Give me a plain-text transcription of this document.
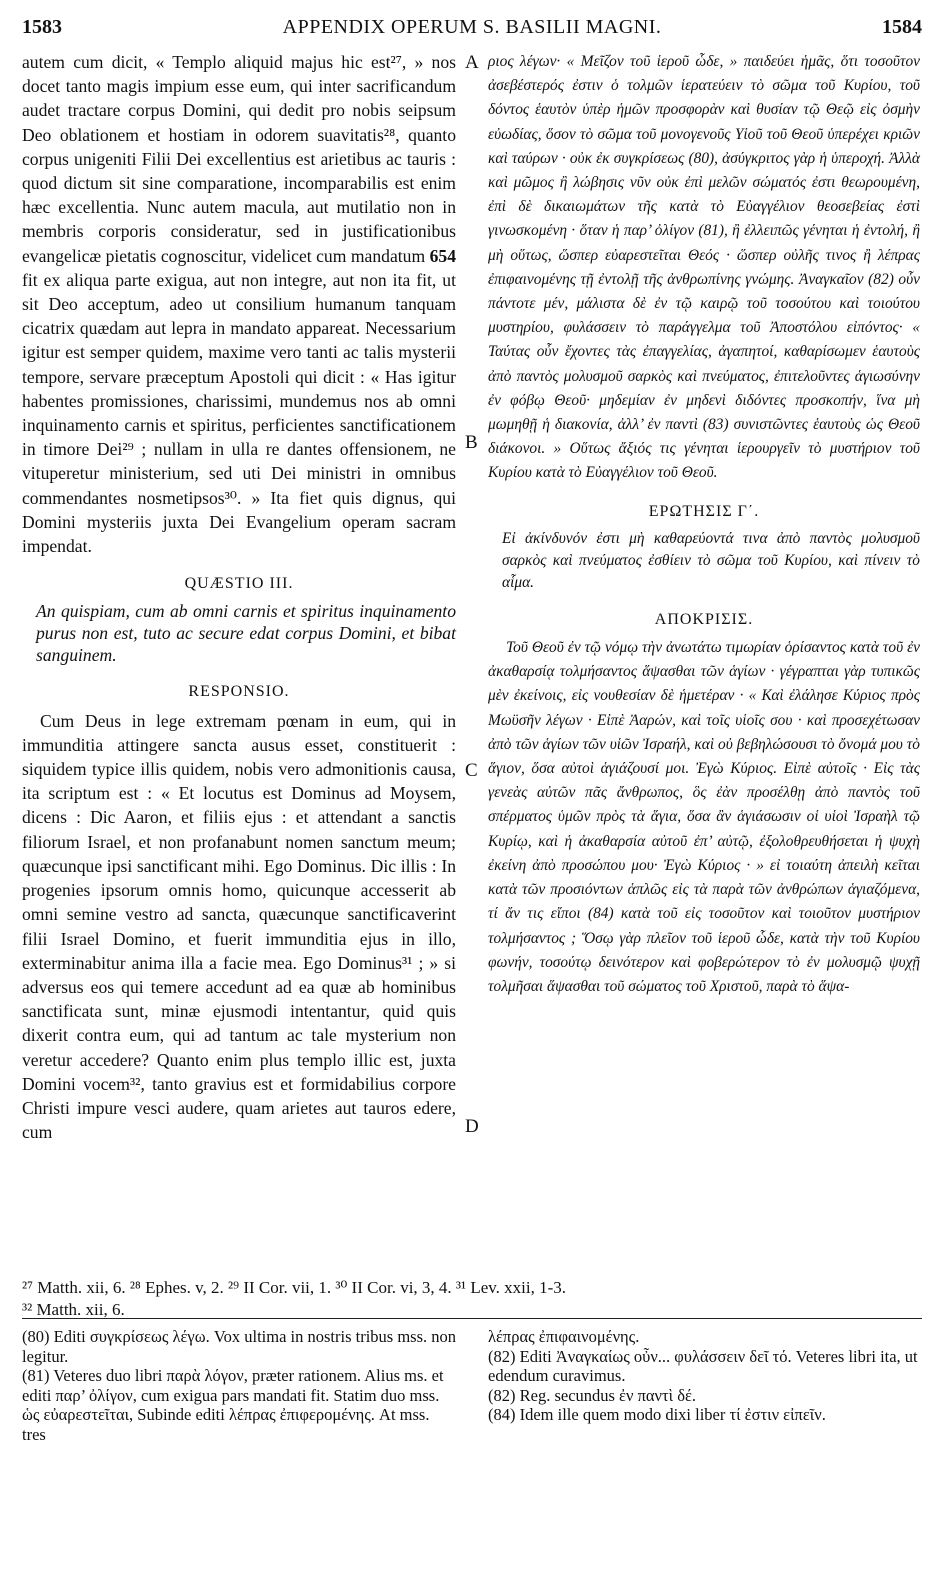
1583	APPENDIX OPERUM S. BASILII MAGNI.	1584
A
B
C
D

autem cum dicit, « Templo aliquid majus hic est²⁷, » nos docet tanto magis impium esse eum, qui inter sacrificandum audet tractare corpus Domini, qui dedit pro nobis seipsum Deo oblationem et hostiam in odorem suavitatis²⁸, quanto corpus unigeniti Filii Dei excellentius est arietibus ac tauris : quod dictum sit sine comparatione, incomparabilis est enim hæc excellentia. Nunc autem macula, aut mutilatio non in membris corporis consideratur, sed in justificationibus evangelicæ pietatis cognoscitur, videlicet cum mandatum 654 fit ex aliqua parte exigua, aut non integre, aut non ita fit, ut sit Deo acceptum, adeo ut consilium humanum tanquam cicatrix quædam aut lepra in mandato appareat. Necessarium igitur est semper quidem, maxime vero tanti ac talis mysterii tempore, servare præceptum Apostoli qui dicit : « Has igitur habentes promissiones, charissimi, mundemus nos ab omni inquinamento carnis et spiritus, perficientes sanctificationem in timore Dei²⁹ ; nullam in ulla re dantes offensionem, ne vituperetur ministerium, sed uti Dei ministri in omnibus commendantes nosmetipsos³⁰. » Ita fiet quis dignus, qui Domini mysteriis juxta Dei Evangelium operam sacram impendat.

QUÆSTIO III.

An quispiam, cum ab omni carnis et spiritus inquinamento purus non est, tuto ac secure edat corpus Domini, et bibat sanguinem.

RESPONSIO.

Cum Deus in lege extremam pœnam in eum, qui in immunditia attingere sancta ausus esset, constituerit : siquidem typice illis quidem, nobis vero admonitionis causa, ita scriptum est : « Et locutus est Dominus ad Moysem, dicens : Dic Aaron, et filiis ejus : et attendant a sanctis filiorum Israel, et non profanabunt nomen sanctum meum; quæcunque ipsi sanctificant mihi. Ego Dominus. Dic illis : In progenies ipsorum omnis homo, quicunque accesserit ab omni semine vestro ad sancta, quæcunque sanctificaverint filii Israel Domino, et fuerit immunditia ejus in illo, exterminabitur anima illa a facie mea. Ego Dominus³¹ ; » si adversus eos qui temere accedunt ad ea quæ ab hominibus sanctificata sunt, minæ ejusmodi intentantur, quid quis dixerit contra eum, qui ad tantum ac tale mysterium non veretur accedere? Quanto enim plus templo illic est, juxta Domini vocem³², tanto gravius est et formidabilius corpore Christi impure vesci audere, quam arietes aut tauros edere, cum

ριος λέγων· « Μεῖζον τοῦ ἱεροῦ ὧδε, » παιδεύει ἡμᾶς, ὅτι τοσοῦτον ἀσεβέστερός ἐστιν ὁ τολμῶν ἱερατεύειν τὸ σῶμα τοῦ Κυρίου, τοῦ δόντος ἑαυτὸν ὑπὲρ ἡμῶν προσφορὰν καὶ θυσίαν τῷ Θεῷ εἰς ὀσμὴν εὐωδίας, ὅσον τὸ σῶμα τοῦ μονογενοῦς Υἱοῦ τοῦ Θεοῦ ὑπερέχει κριῶν καὶ ταύρων · οὐκ ἐκ συγκρίσεως (80), ἀσύγκριτος γὰρ ἡ ὑπεροχή. Ἀλλὰ καὶ μῶμος ἢ λώβησις νῦν οὐκ ἐπὶ μελῶν σώματός ἐστι θεωρουμένη, ἐπὶ δὲ δικαιωμάτων τῆς κατὰ τὸ Εὐαγγέλιον θεοσεβείας ἐστὶ γινωσκομένη · ὅταν ἡ παρ’ ὀλίγον (81), ἢ ἐλλειπῶς γένηται ἡ ἐντολή, ἢ μὴ οὕτως, ὥσπερ εὐαρεστεῖται Θεός · ὥσπερ οὐλῆς τινος ἢ λέπρας ἐπιφαινομένης τῇ ἐντολῇ τῆς ἀνθρωπίνης γνώμης. Ἀναγκαῖον (82) οὖν πάντοτε μέν, μάλιστα δὲ ἐν τῷ καιρῷ τοῦ τοσούτου καὶ τοιούτου μυστηρίου, φυλάσσειν τὸ παράγγελμα τοῦ Ἀποστόλου εἰπόντος· « Ταύτας οὖν ἔχοντες τὰς ἐπαγγελίας, ἀγαπητοί, καθαρίσωμεν ἑαυτοὺς ἀπὸ παντὸς μολυσμοῦ σαρκὸς καὶ πνεύματος, ἐπιτελοῦντες ἁγιωσύνην ἐν φόβῳ Θεοῦ· μηδεμίαν ἐν μηδενὶ διδόντες προσκοπήν, ἵνα μὴ μωμηθῇ ἡ διακονία, ἀλλ’ ἐν παντὶ (83) συνιστῶντες ἑαυτοὺς ὡς Θεοῦ διάκονοι. » Οὕτως ἄξιός τις γένηται ἱερουργεῖν τὸ μυστήριον τοῦ Κυρίου κατὰ τὸ Εὐαγγέλιον τοῦ Θεοῦ.

ΕΡΩΤΗΣΙΣ Γ΄.

Εἰ ἀκίνδυνόν ἐστι μὴ καθαρεύοντά τινα ἀπὸ παντὸς μολυσμοῦ σαρκὸς καὶ πνεύματος ἐσθίειν τὸ σῶμα τοῦ Κυρίου, καὶ πίνειν τὸ αἷμα.

ΑΠΟΚΡΙΣΙΣ.

Τοῦ Θεοῦ ἐν τῷ νόμῳ τὴν ἀνωτάτω τιμωρίαν ὁρίσαντος κατὰ τοῦ ἐν ἀκαθαρσίᾳ τολμήσαντος ἅψασθαι τῶν ἁγίων · γέγραπται γὰρ τυπικῶς μὲν ἐκείνοις, εἰς νουθεσίαν δὲ ἡμετέραν · « Καὶ ἐλάλησε Κύριος πρὸς Μωϋσῆν λέγων · Εἰπὲ Ἀαρών, καὶ τοῖς υἱοῖς σου · καὶ προσεχέτωσαν ἀπὸ τῶν ἁγίων τῶν υἱῶν Ἰσραήλ, καὶ οὐ βεβηλώσουσι τὸ ὄνομά μου τὸ ἅγιον, ὅσα αὐτοὶ ἁγιάζουσί μοι. Ἐγὼ Κύριος. Εἰπὲ αὐτοῖς · Εἰς τὰς γενεὰς αὐτῶν πᾶς ἄνθρωπος, ὃς ἐὰν προσέλθῃ ἀπὸ παντὸς τοῦ σπέρματος ὑμῶν πρὸς τὰ ἅγια, ὅσα ἂν ἁγιάσωσιν οἱ υἱοὶ Ἰσραὴλ τῷ Κυρίῳ, καὶ ἡ ἀκαθαρσία αὐτοῦ ἐπ’ αὐτῷ, ἐξολοθρευθήσεται ἡ ψυχὴ ἐκείνη ἀπὸ προσώπου μου· Ἐγὼ Κύριος · » εἰ τοιαύτη ἀπειλὴ κεῖται κατὰ τῶν προσιόντων ἁπλῶς εἰς τὰ παρὰ τῶν ἀνθρώπων ἁγιαζόμενα, τί ἄν τις εἴποι (84) κατὰ τοῦ εἰς τοσοῦτον καὶ τοιοῦτον μυστήριον τολμήσαντος ; Ὅσῳ γὰρ πλεῖον τοῦ ἱεροῦ ὧδε, κατὰ τὴν τοῦ Κυρίου φωνήν, τοσούτῳ δεινότερον καὶ φοβερώτερον τὸ ἐν μολυσμῷ ψυχῇ τολμῆσαι ἅψασθαι τοῦ σώματος τοῦ Χριστοῦ, παρὰ τὸ ἅψα-

²⁷ Matth. xii, 6. ²⁸ Ephes. v, 2. ²⁹ II Cor. vii, 1. ³⁰ II Cor. vi, 3, 4. ³¹ Lev. xxii, 1-3.
³² Matth. xii, 6.

(80) Editi συγκρίσεως λέγω. Vox ultima in nostris tribus mss. non legitur.

(81) Veteres duo libri παρὰ λόγον, præter rationem. Alius ms. et editi παρ’ ὀλίγον, cum exigua pars mandati fit. Statim duo mss. ὡς εὐαρεστεῖται, Subinde editi λέπρας ἐπιφερομένης. At mss. tres

λέπρας ἐπιφαινομένης.

(82) Editi Ἀναγκαίως οὖν... φυλάσσειν δεῖ τό. Veteres libri ita, ut edendum curavimus.

(82) Reg. secundus ἐν παντὶ δέ.

(84) Idem ille quem modo dixi liber τί ἐστιν εἰπεῖν.
